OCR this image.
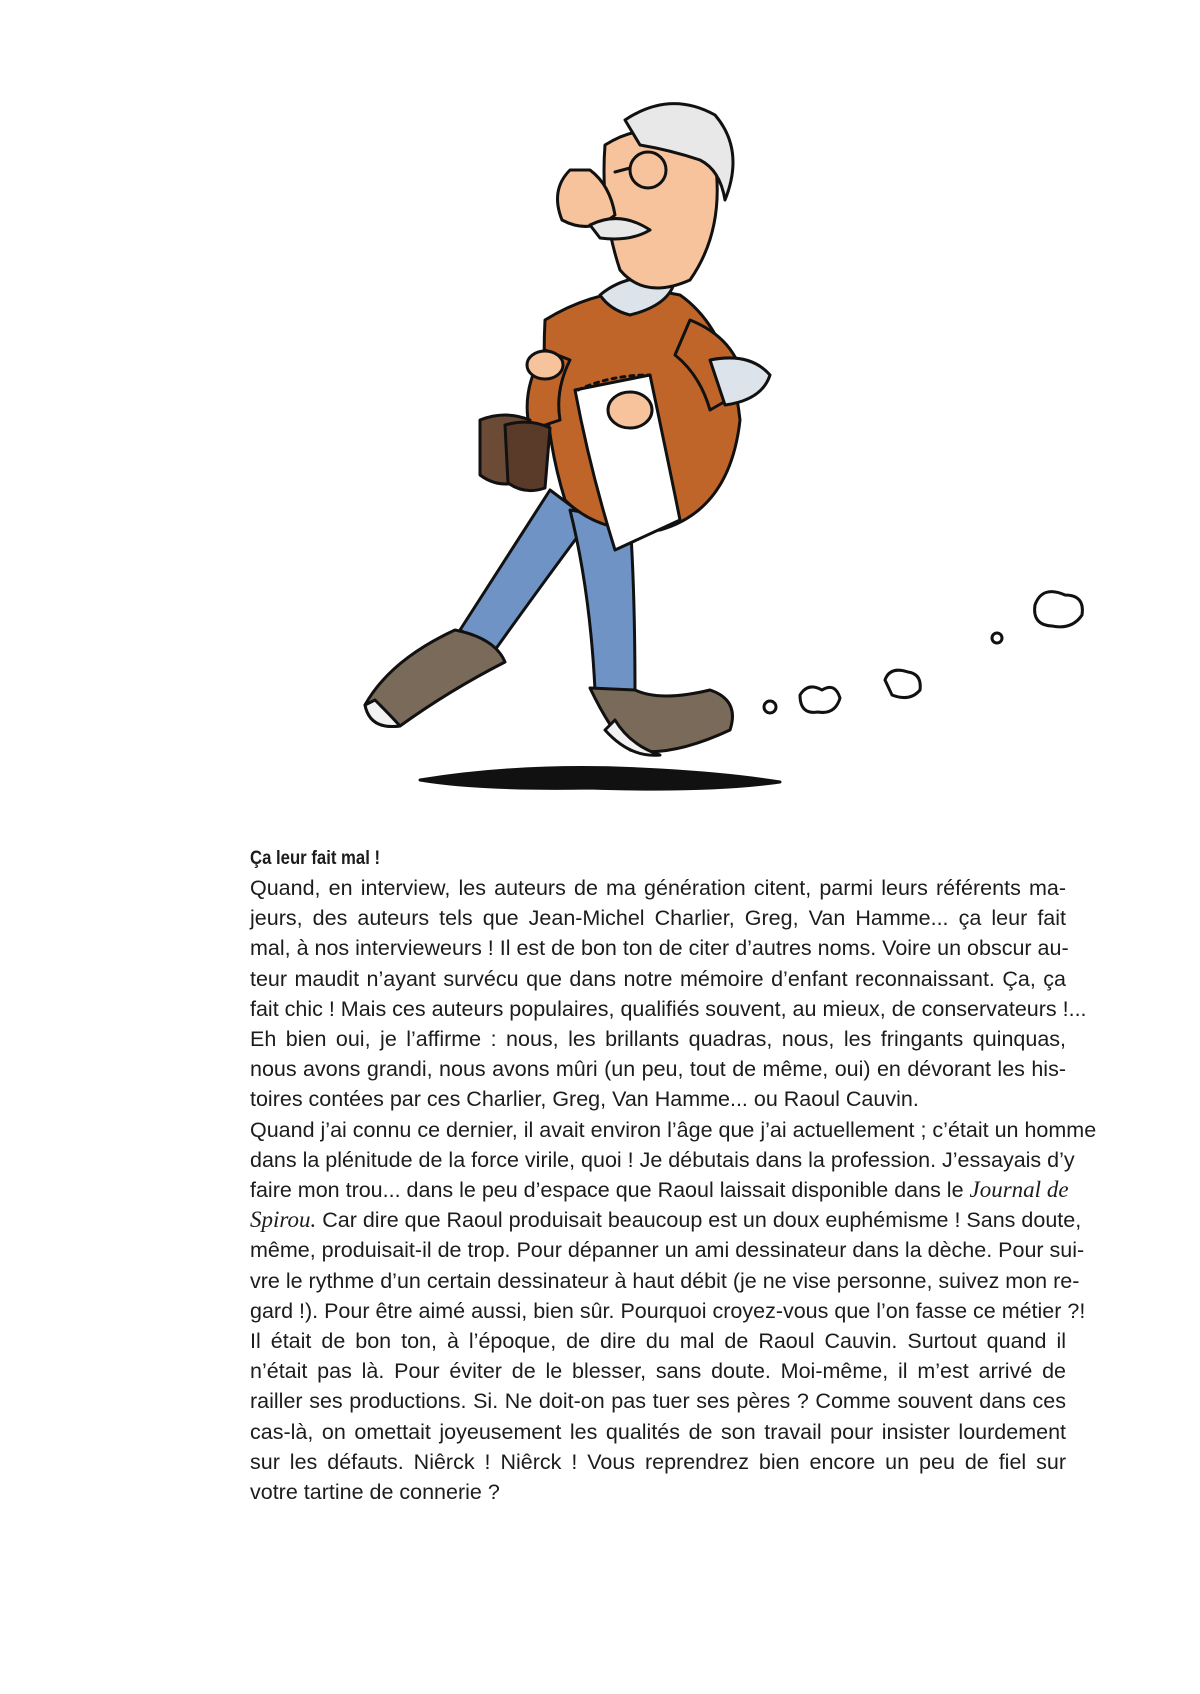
Ça leur fait mal !

Quand, en interview, les auteurs de ma génération citent, parmi leurs référents ma-
jeurs, des auteurs tels que Jean-Michel Charlier, Greg, Van Hamme... ça leur fait
mal, à nos intervieweurs ! Il est de bon ton de citer d’autres noms. Voire un obscur au-
teur maudit n’ayant survécu que dans notre mémoire d’enfant reconnaissant. Ça, ça
fait chic ! Mais ces auteurs populaires, qualifiés souvent, au mieux, de conservateurs !...
Eh bien oui, je l’affirme : nous, les brillants quadras, nous, les fringants quinquas,
nous avons grandi, nous avons mûri (un peu, tout de même, oui) en dévorant les his-
toires contées par ces Charlier, Greg, Van Hamme... ou Raoul Cauvin.

Quand j’ai connu ce dernier, il avait environ l’âge que j’ai actuellement ; c’était un homme
dans la plénitude de la force virile, quoi ! Je débutais dans la profession. J’essayais d’y
faire mon trou... dans le peu d’espace que Raoul laissait disponible dans le Journal de
Spirou. Car dire que Raoul produisait beaucoup est un doux euphémisme ! Sans doute,
même, produisait-il de trop. Pour dépanner un ami dessinateur dans la dèche. Pour sui-
vre le rythme d’un certain dessinateur à haut débit (je ne vise personne, suivez mon re-
gard !). Pour être aimé aussi, bien sûr. Pourquoi croyez-vous que l’on fasse ce métier ?!
Il était de bon ton, à l’époque, de dire du mal de Raoul Cauvin. Surtout quand il
n’était pas là. Pour éviter de le blesser, sans doute. Moi-même, il m’est arrivé de
railler ses productions. Si. Ne doit-on pas tuer ses pères ? Comme souvent dans ces
cas-là, on omettait joyeusement les qualités de son travail pour insister lourdement
sur les défauts. Niêrck ! Niêrck ! Vous reprendrez bien encore un peu de fiel sur
votre tartine de connerie ?
